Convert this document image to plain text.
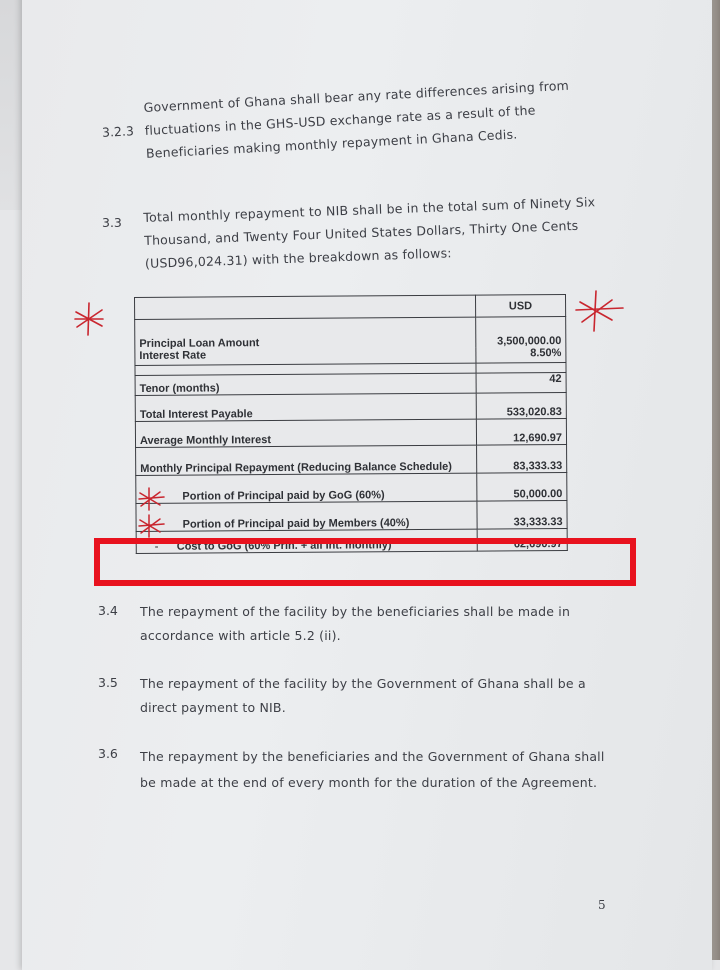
3.2.3
Government of Ghana shall bear any rate differences arising from fluctuations in the GHS-USD exchange rate as a result of the Beneficiaries making monthly repayment in Ghana Cedis.
3.3 Total monthly repayment to NIB shall be in the total sum of Ninety Six Thousand, and Twenty Four United States Dollars, Thirty One Cents (USD96,024.31) with the breakdown as follows:
	USD
Principal Loan Amount	3,500,000.00
Interest Rate	8.50%

Tenor (months)	42
Total Interest Payable	533,020.83
Average Monthly Interest	12,690.97
Monthly Principal Repayment (Reducing Balance Schedule)	83,333.33
Portion of Principal paid by GoG (60%)	50,000.00
Portion of Principal paid by Members (40%)	33,333.33
- Cost to GoG (60% Prin. + all Int. monthly)	62,690.97
3.4 The repayment of the facility by the beneficiaries shall be made in accordance with article 5.2 (ii).
3.5 The repayment of the facility by the Government of Ghana shall be a direct payment to NIB.
3.6 The repayment by the beneficiaries and the Government of Ghana shall be made at the end of every month for the duration of the Agreement.
5
